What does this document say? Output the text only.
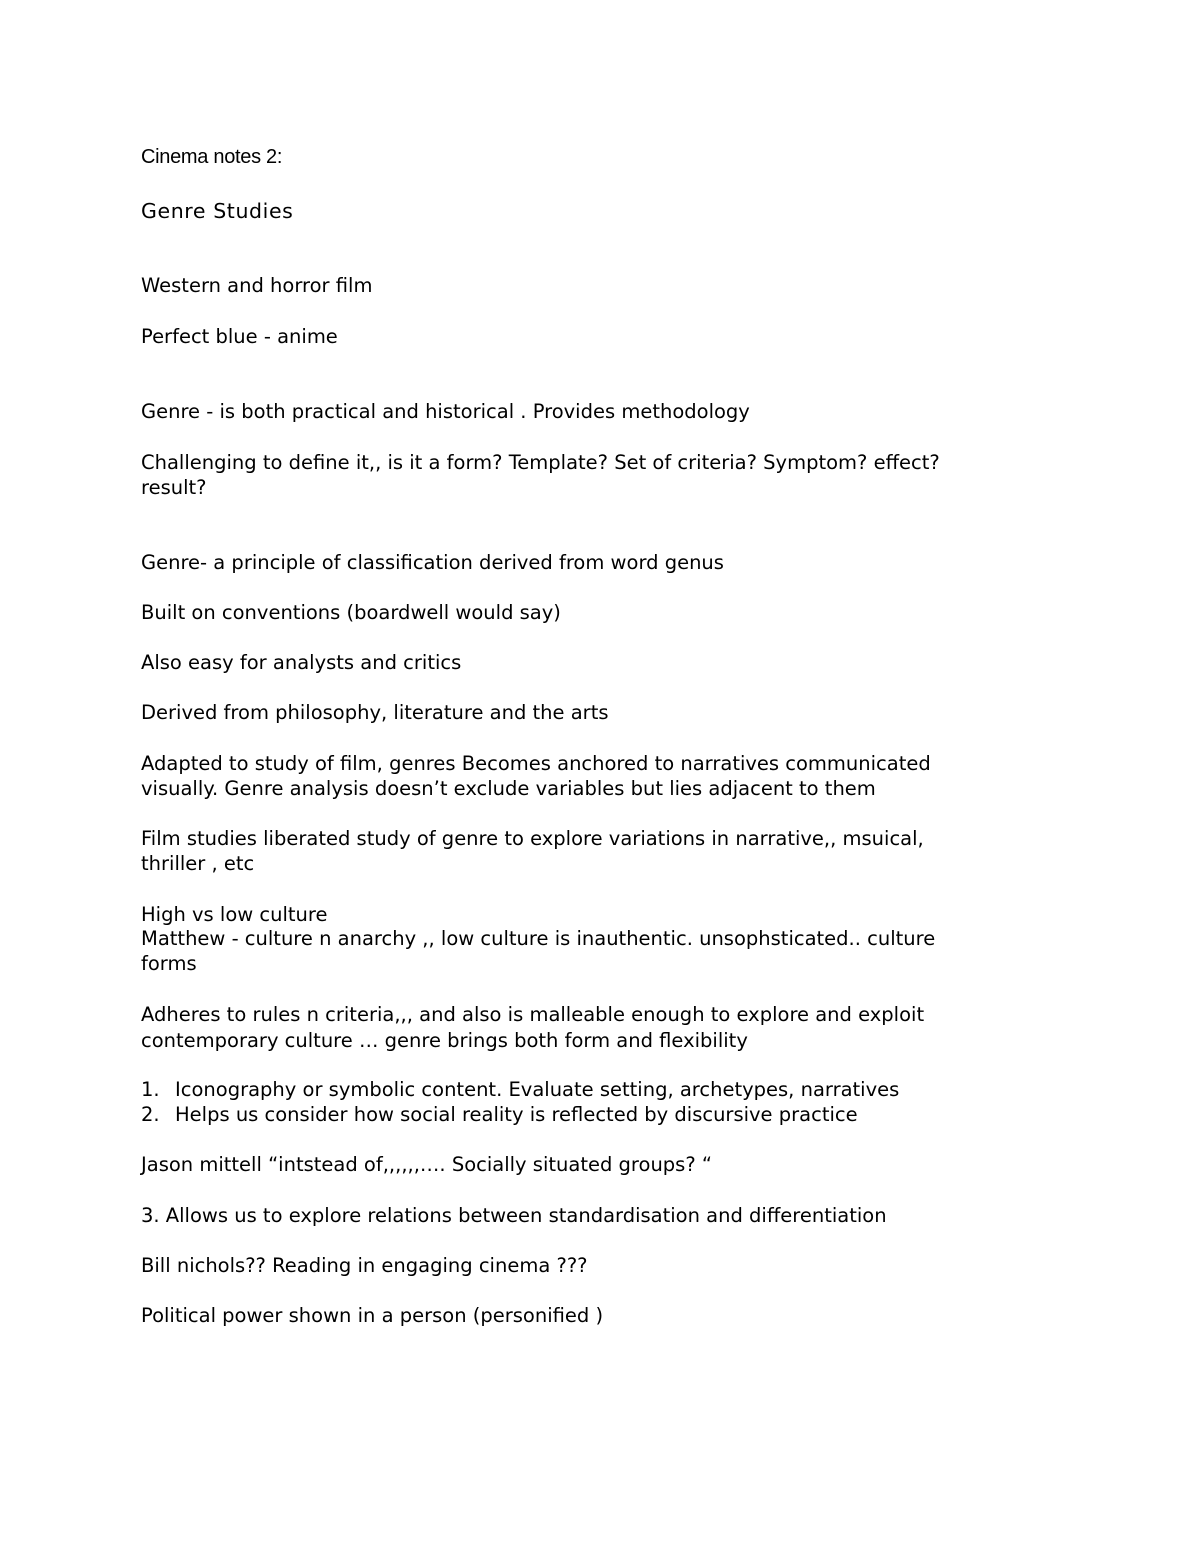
Cinema notes 2:
Genre Studies
Western and horror film
Perfect blue - anime
Genre - is both practical and historical . Provides methodology
Challenging to define it,, is it a form? Template? Set of criteria? Symptom? effect?
result?
Genre- a principle of classification derived from word genus
Built on conventions (boardwell would say)
Also easy for analysts and critics
Derived from philosophy, literature and the arts
Adapted to study of film, genres Becomes anchored to narratives communicated
visually. Genre analysis doesn’t exclude variables but lies adjacent to them
Film studies liberated study of genre to explore variations in narrative,, msuical,
thriller , etc
High vs low culture
Matthew - culture n anarchy ,, low culture is inauthentic. unsophsticated.. culture
forms
Adheres to rules n criteria,,, and also is malleable enough to explore and exploit
contemporary culture … genre brings both form and flexibility
1. Iconography or symbolic content. Evaluate setting, archetypes, narratives
2. Helps us consider how social reality is reflected by discursive practice
Jason mittell “intstead of,,,,,,…. Socially situated groups? “
3. Allows us to explore relations between standardisation and differentiation
Bill nichols?? Reading in engaging cinema ???
Political power shown in a person (personified )
